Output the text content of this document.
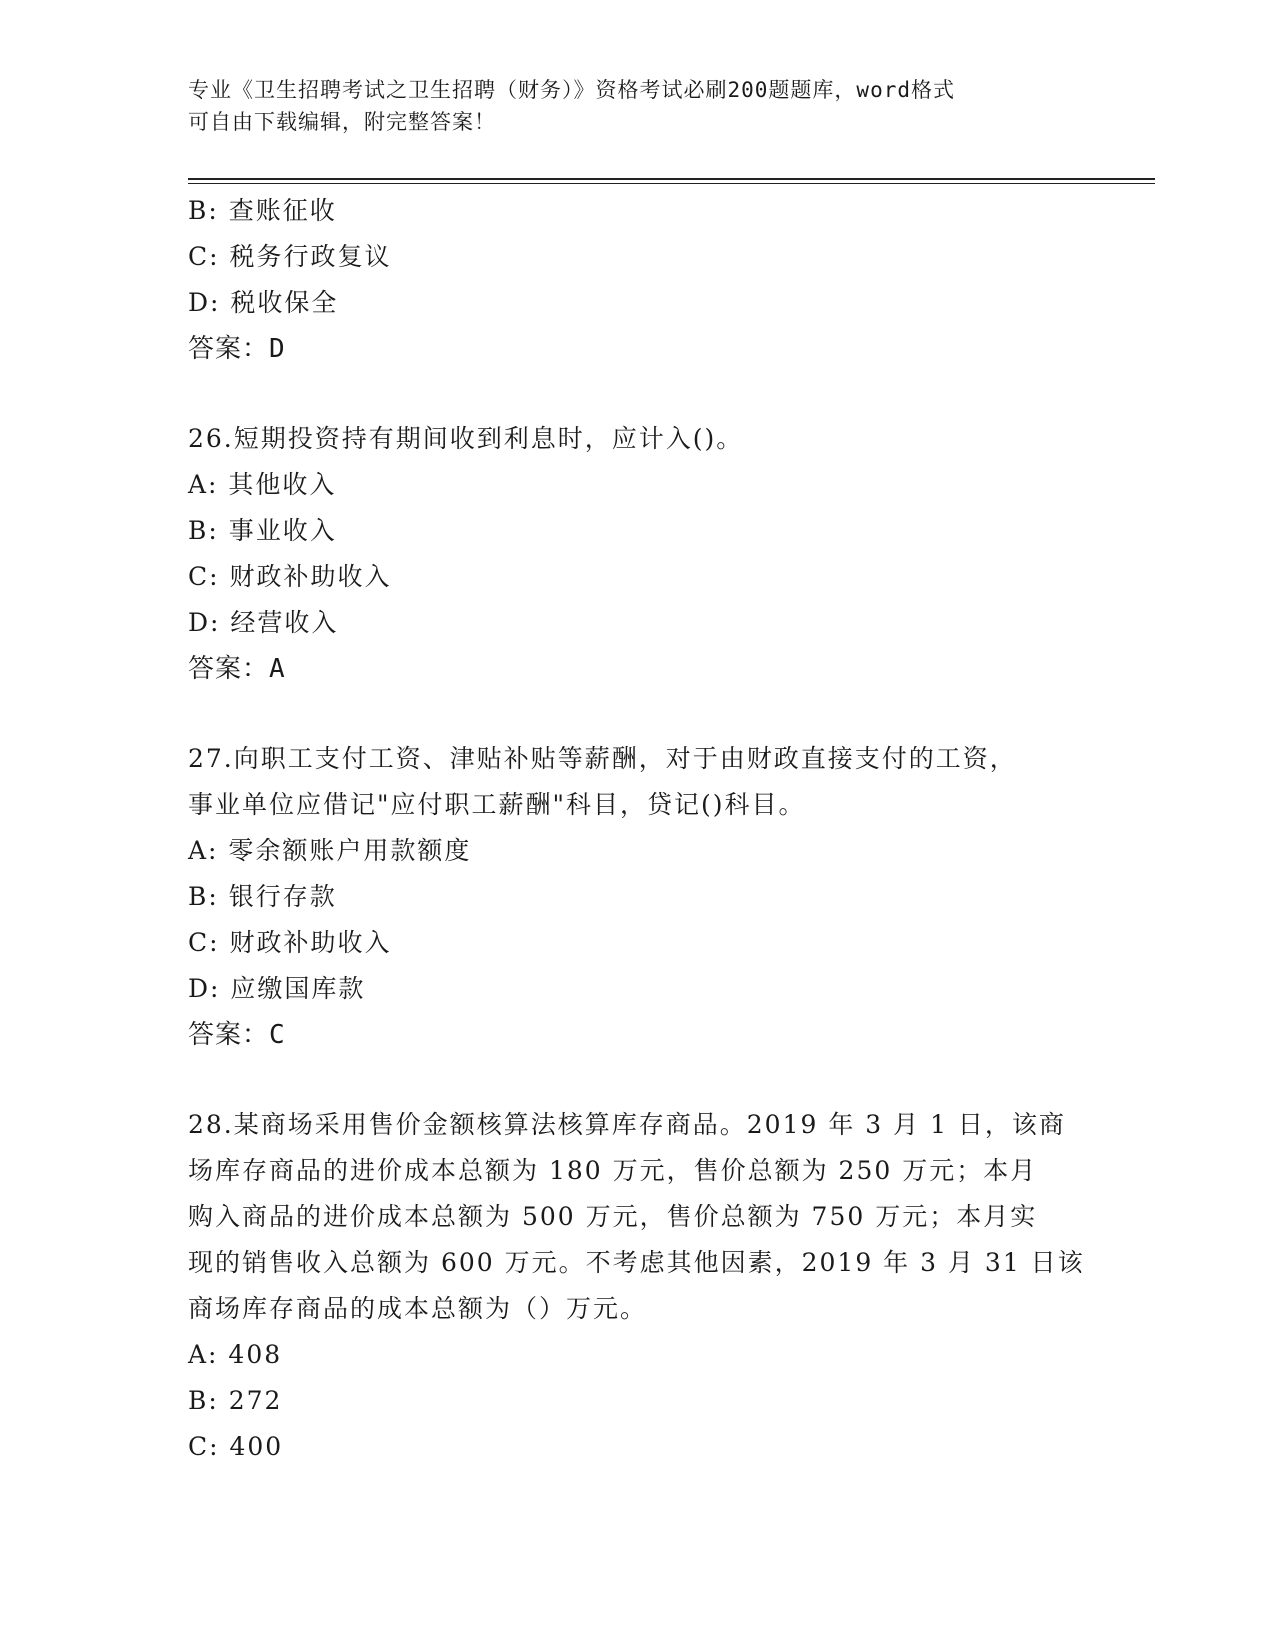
专业《卫生招聘考试之卫生招聘（财务）》资格考试必刷200题题库，word格式
可自由下载编辑，附完整答案！
B: 查账征收
C: 税务行政复议
D: 税收保全
答案：D
26.短期投资持有期间收到利息时，应计入()。
A: 其他收入
B: 事业收入
C: 财政补助收入
D: 经营收入
答案：A
27.向职工支付工资、津贴补贴等薪酬，对于由财政直接支付的工资，
事业单位应借记"应付职工薪酬"科目，贷记()科目。
A: 零余额账户用款额度
B: 银行存款
C: 财政补助收入
D: 应缴国库款
答案：C
28.某商场采用售价金额核算法核算库存商品。2019 年 3 月 1 日，该商
场库存商品的进价成本总额为 180 万元，售价总额为 250 万元；本月
购入商品的进价成本总额为 500 万元，售价总额为 750 万元；本月实
现的销售收入总额为 600 万元。不考虑其他因素，2019 年 3 月 31 日该
商场库存商品的成本总额为（）万元。
A: 408
B: 272
C: 400
